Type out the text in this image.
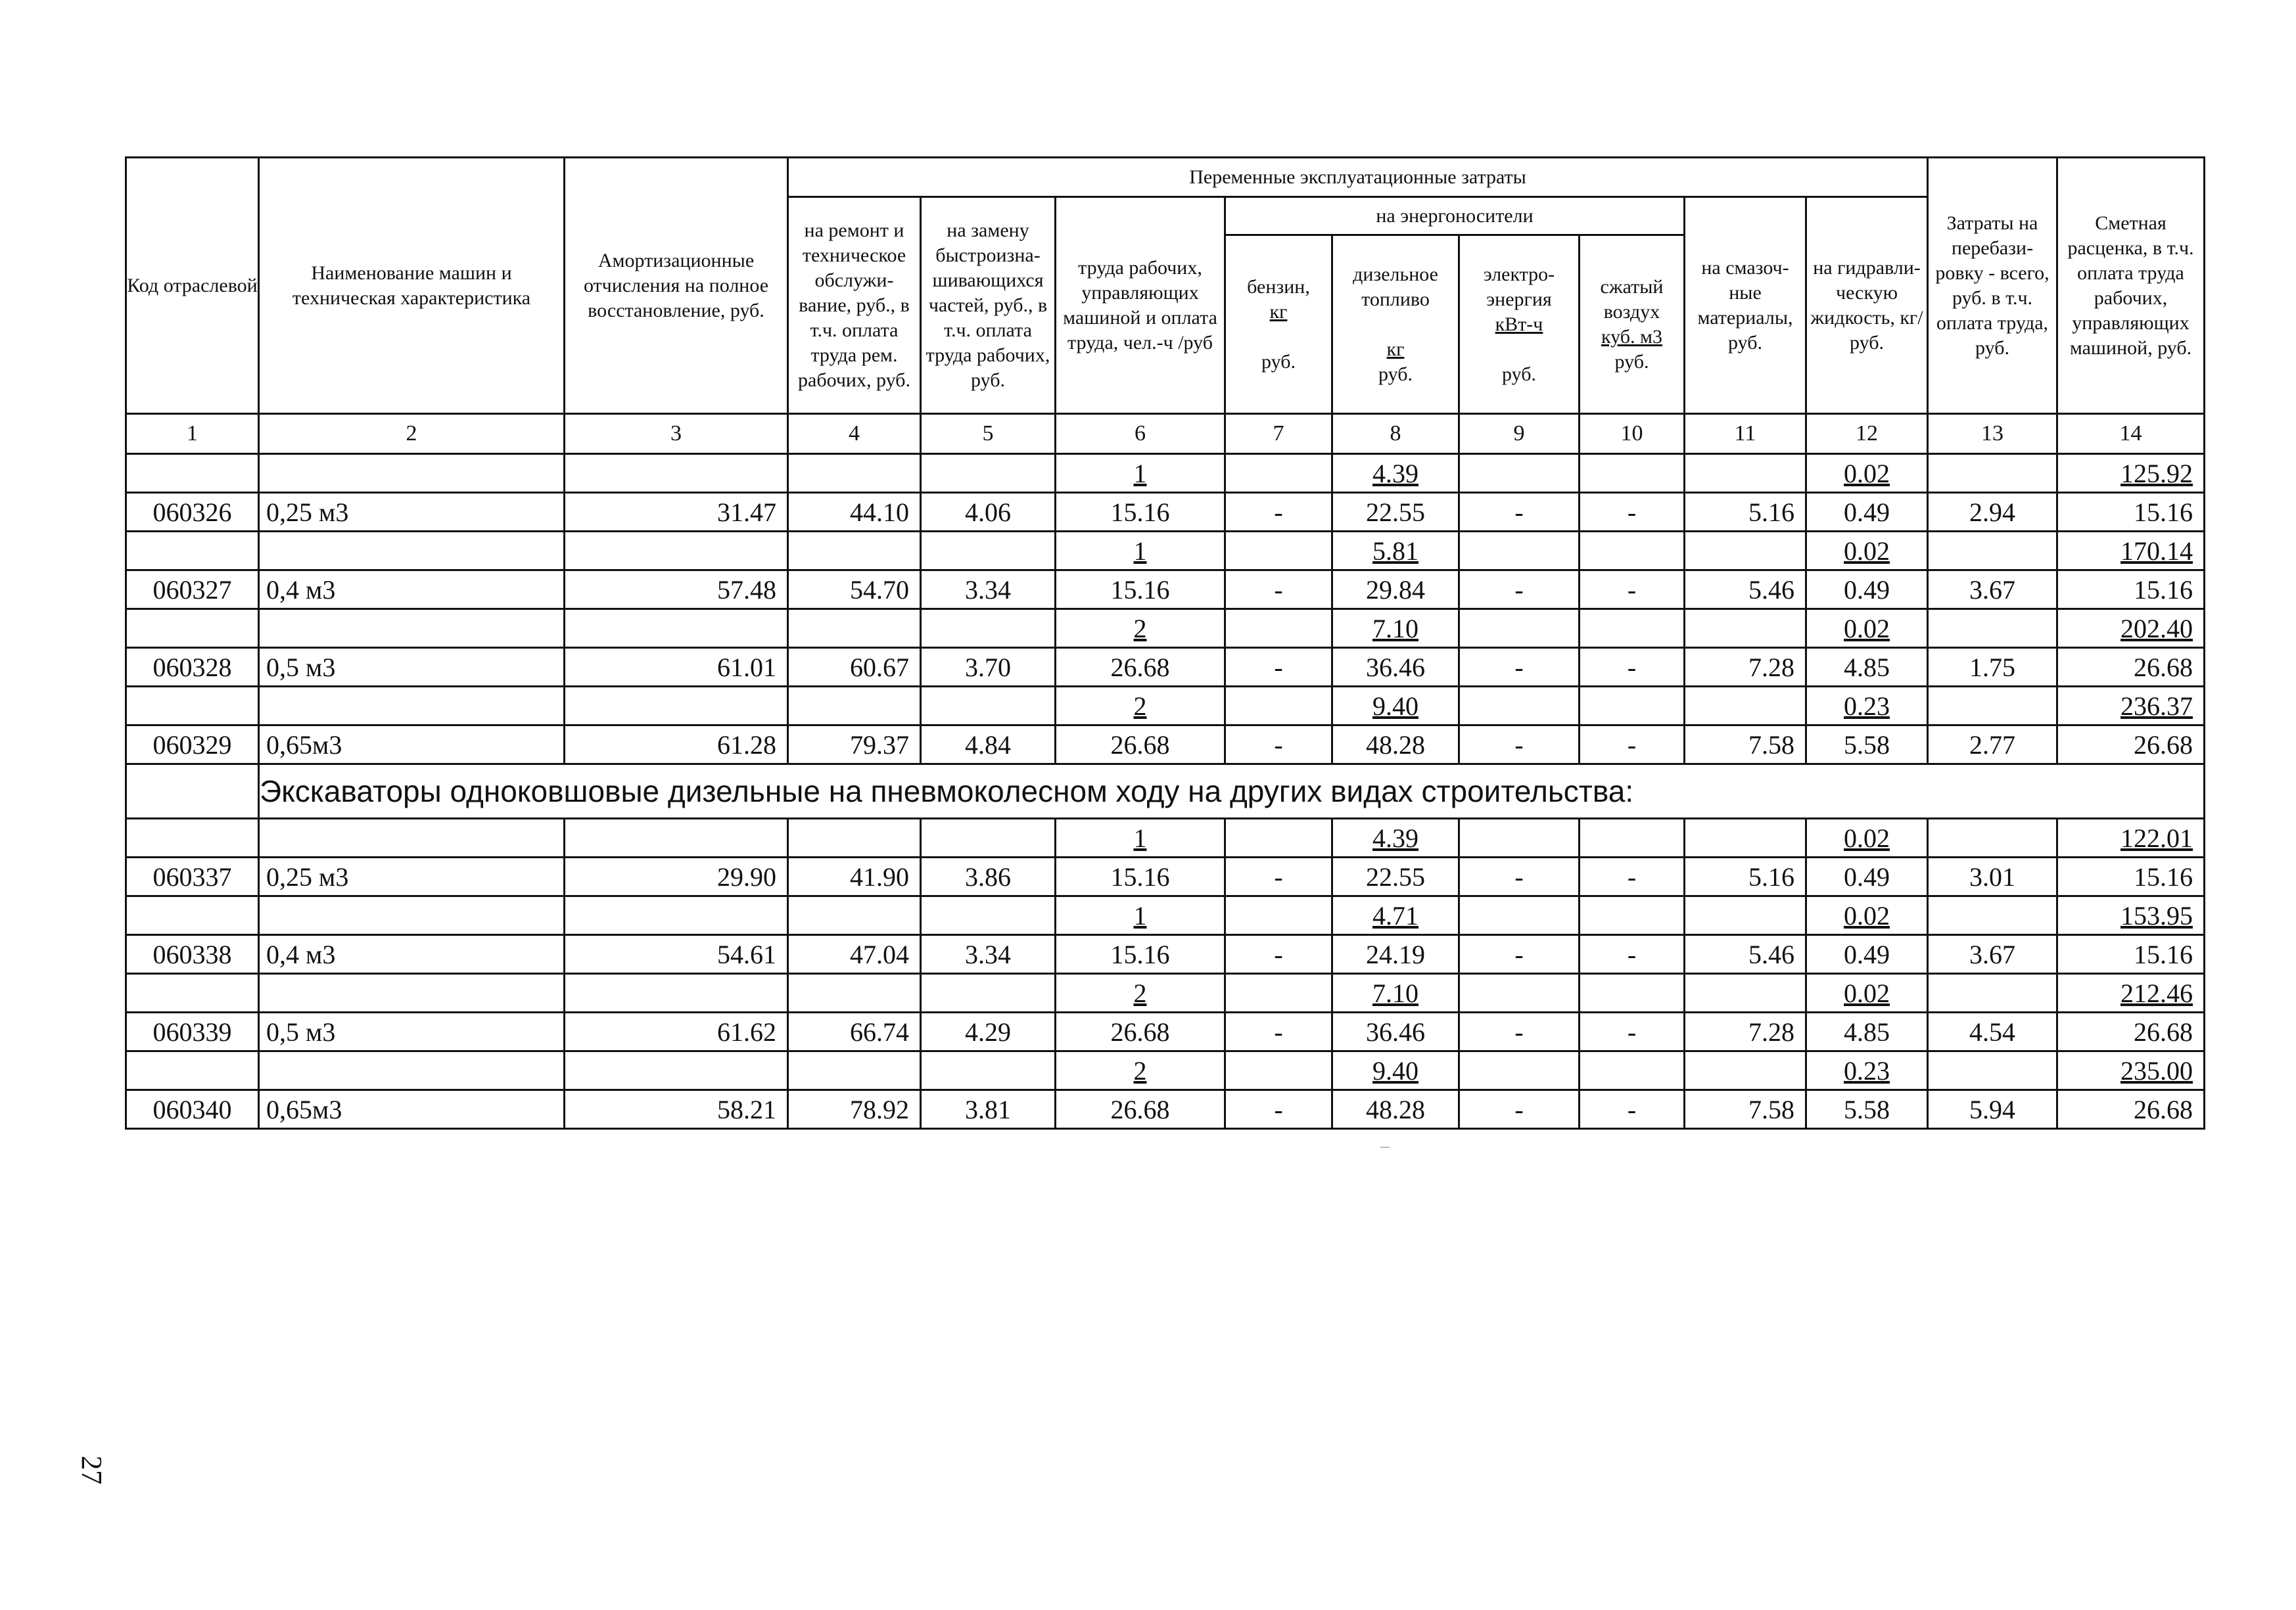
Код отраслевой	Наименование машин и техническая характеристика	Амортизационные отчисления на полное восстановление, руб.	Переменные эксплуатационные затраты									Затраты на перебази-ровку - всего, руб. в т.ч. оплата труда, руб.	Сметная расценка, в т.ч. оплата труда рабочих, управляющих машиной, руб.
			на ремонт и техническое обслужи-вание, руб., в т.ч. оплата труда рем. рабочих, руб.	на замену быстроизна-шивающихся частей, руб., в т.ч. оплата труда рабочих, руб.	труда рабочих, управляющих машиной и оплата труда, чел.-ч /руб	на энергоносители				на смазоч-ные материалы, руб.	на гидравли-ческую жидкость, кг/руб.		
						бензин,
кг

руб.	дизельное топливо

кг
руб.	электро-энергия
кВт-ч

руб.	сжатый воздух
куб. м3
руб.				
1	2	3	4	5	6	7	8	9	10	11	12	13	14
					1		4.39				0.02		125.92
060326	0,25 м3	31.47	44.10	4.06	15.16	-	22.55	-	-	5.16	0.49	2.94	15.16
					1		5.81				0.02		170.14
060327	0,4 м3	57.48	54.70	3.34	15.16	-	29.84	-	-	5.46	0.49	3.67	15.16
					2		7.10				0.02		202.40
060328	0,5 м3	61.01	60.67	3.70	26.68	-	36.46	-	-	7.28	4.85	1.75	26.68
					2		9.40				0.23		236.37
060329	0,65м3	61.28	79.37	4.84	26.68	-	48.28	-	-	7.58	5.58	2.77	26.68
	Экскаваторы одноковшовые дизельные на пневмоколесном ходу на других видах строительства:												
					1		4.39				0.02		122.01
060337	0,25 м3	29.90	41.90	3.86	15.16	-	22.55	-	-	5.16	0.49	3.01	15.16
					1		4.71				0.02		153.95
060338	0,4 м3	54.61	47.04	3.34	15.16	-	24.19	-	-	5.46	0.49	3.67	15.16
					2		7.10				0.02		212.46
060339	0,5 м3	61.62	66.74	4.29	26.68	-	36.46	-	-	7.28	4.85	4.54	26.68
					2		9.40				0.23		235.00
060340	0,65м3	58.21	78.92	3.81	26.68	-	48.28	-	-	7.58	5.58	5.94	26.68
27
